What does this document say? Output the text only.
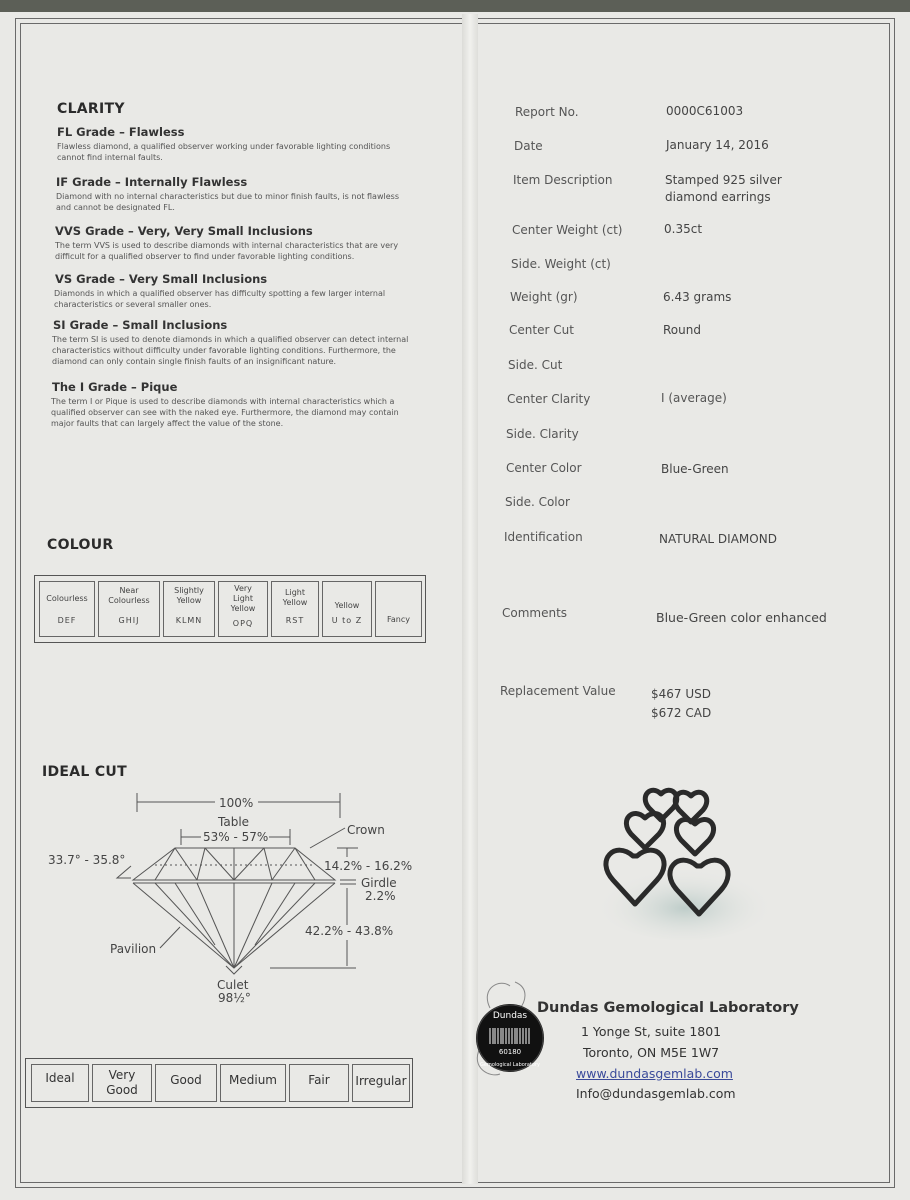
CLARITY
FL Grade – Flawless
Flawless diamond, a qualified observer working under favorable lighting conditions cannot find internal faults.
IF Grade – Internally Flawless
Diamond with no internal characteristics but due to minor finish faults, is not flawless and cannot be designated FL.
VVS Grade – Very, Very Small Inclusions
The term VVS is used to describe diamonds with internal characteristics that are very difficult for a qualified observer to find under favorable lighting conditions.
VS Grade – Very Small Inclusions
Diamonds in which a qualified observer has difficulty spotting a few larger internal characteristics or several smaller ones.
SI Grade – Small Inclusions
The term SI is used to denote diamonds in which a qualified observer can detect internal characteristics without difficulty under favorable lighting conditions. Furthermore, the diamond can only contain single finish faults of an insignificant nature.
The I Grade – Pique
The term I or Pique is used to describe diamonds with internal characteristics which a qualified observer can see with the naked eye. Furthermore, the diamond may contain major faults that can largely affect the value of the stone.
COLOUR
Colourless
DEF
Near
Colourless
GHIJ
Slightly
Yellow
KLMN
Very
Light
Yellow
OPQ
Light
Yellow
RST
Yellow
U to Z	Fancy
IDEAL CUT
100%
Table
53% - 57%	Crown
33.7° - 35.8°	14.2% - 16.2%
Girdle
2.2%
42.2% - 43.8%
Pavilion
Culet
98½°
Ideal	Very
Good
Good	Medium	Fair	Irregular
Report No.	0000C61003
Date	January 14, 2016
Item Description	Stamped 925 silver
diamond earrings
Center Weight (ct)	0.35ct
Side. Weight (ct)
Weight (gr)	6.43 grams
Center Cut	Round
Side. Cut
Center Clarity	I (average)
Side. Clarity
Center Color	Blue-Green
Side. Color
Identification	NATURAL DIAMOND
Comments	Blue-Green color enhanced
Replacement Value	$467 USD
$672 CAD
Dundas
60180
Gemological Laboratory
Dundas Gemological Laboratory
1 Yonge St, suite 1801
Toronto, ON M5E 1W7
www.dundasgemlab.com
Info@dundasgemlab.com
